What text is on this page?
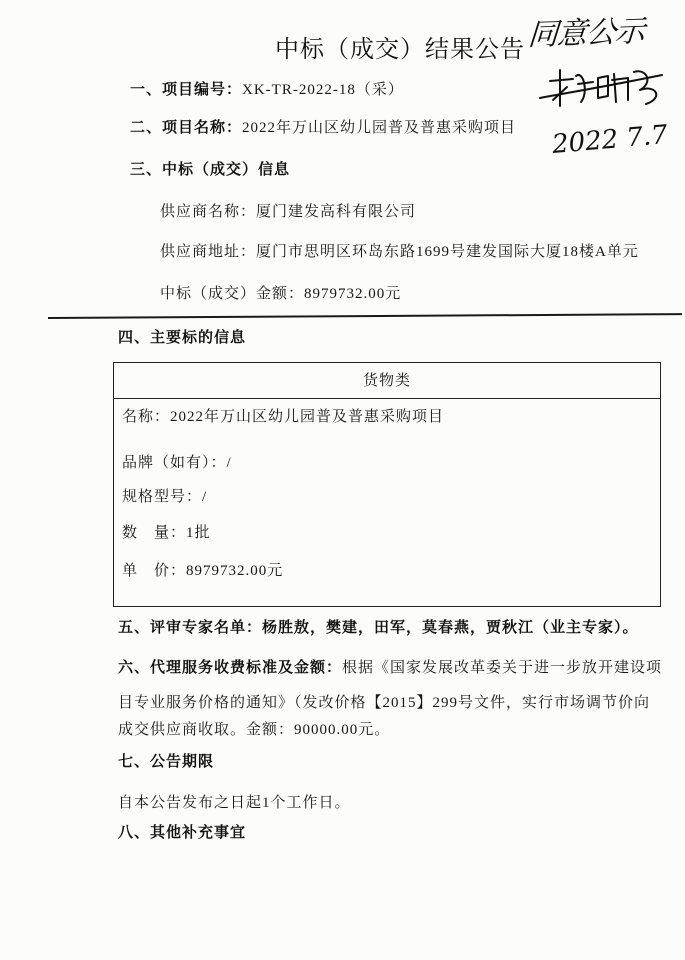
中标（成交）结果公告 同意公示
2022 7.7
一、项目编号：XK-TR-2022-18（采）
二、项目名称：2022年万山区幼儿园普及普惠采购项目
三、中标（成交）信息
供应商名称：厦门建发高科有限公司
供应商地址：厦门市思明区环岛东路1699号建发国际大厦18楼A单元
中标（成交）金额：8979732.00元
四、主要标的信息
货物类
名称：2022年万山区幼儿园普及普惠采购项目
品牌（如有）：/
规格型号：/
数　量：1批
单　价：8979732.00元
五、评审专家名单：杨胜敖，樊建，田军，莫春燕，贾秋江（业主专家）。
六、代理服务收费标准及金额：根据《国家发展改革委关于进一步放开建设项
目专业服务价格的通知》（发改价格【2015】299号文件，实行市场调节价向
成交供应商收取。金额：90000.00元。
七、公告期限
自本公告发布之日起1个工作日。
八、其他补充事宜
